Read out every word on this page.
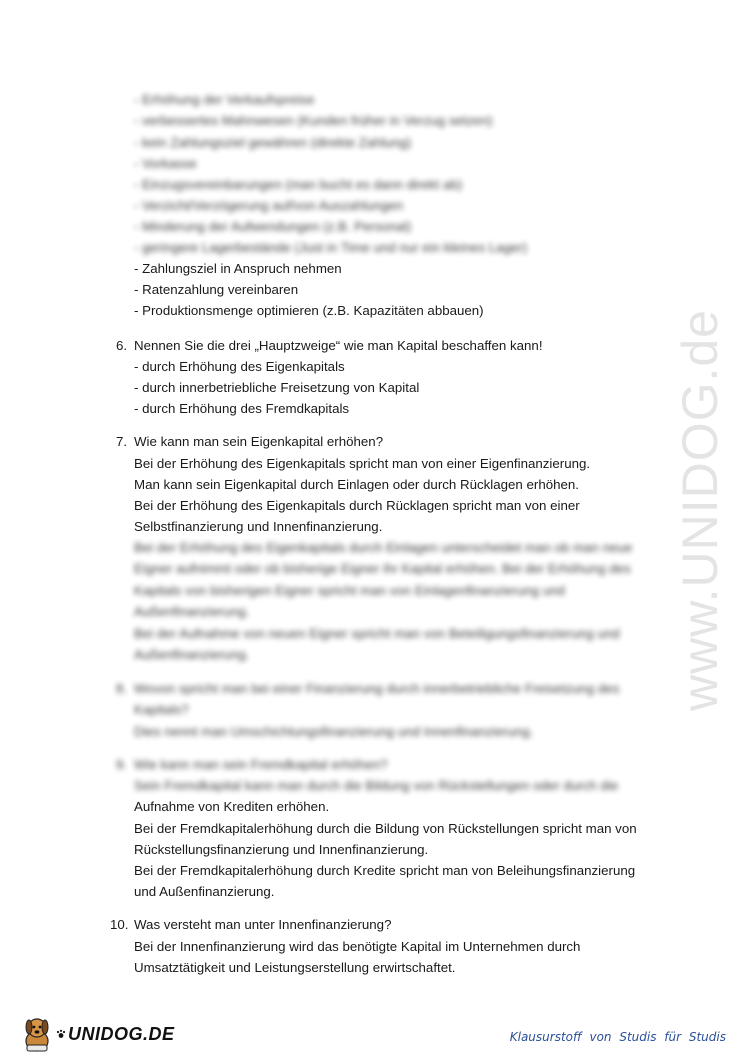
www.UNIDOG.de
- Erhöhung der Verkaufspreise
- verbessertes Mahnwesen (Kunden früher in Verzug setzen)
- kein Zahlungsziel gewähren (direkte Zahlung)
- Vorkasse
- Einzugsvereinbarungen (man bucht es dann direkt ab)
- Verzicht/Verzögerung auf/von Auszahlungen
- Minderung der Aufwendungen (z.B. Personal)
- geringere Lagerbestände (Just in Time und nur ein kleines Lager)
- Zahlungsziel in Anspruch nehmen
- Ratenzahlung vereinbaren
- Produktionsmenge optimieren (z.B. Kapazitäten abbauen)
6. Nennen Sie die drei „Hauptzweige“ wie man Kapital beschaffen kann!
- durch Erhöhung des Eigenkapitals
- durch innerbetriebliche Freisetzung von Kapital
- durch Erhöhung des Fremdkapitals
7. Wie kann man sein Eigenkapital erhöhen?
Bei der Erhöhung des Eigenkapitals spricht man von einer Eigenfinanzierung.
Man kann sein Eigenkapital durch Einlagen oder durch Rücklagen erhöhen.
Bei der Erhöhung des Eigenkapitals durch Rücklagen spricht man von einer
Selbstfinanzierung und Innenfinanzierung.
Bei der Erhöhung des Eigenkapitals durch Einlagen unterscheidet man ob man neue
Eigner aufnimmt oder ob bisherige Eigner ihr Kapital erhöhen. Bei der Erhöhung des
Kapitals von bisherigen Eigner spricht man von Einlagenfinanzierung und
Außenfinanzierung.
Bei der Aufnahme von neuen Eigner spricht man von Beteiligungsfinanzierung und
Außenfinanzierung.
8. Wovon spricht man bei einer Finanzierung durch innerbetriebliche Freisetzung des
Kapitals?
Dies nennt man Umschichtungsfinanzierung und Innenfinanzierung.
9. Wie kann man sein Fremdkapital erhöhen?
Sein Fremdkapital kann man durch die Bildung von Rückstellungen oder durch die
Aufnahme von Krediten erhöhen.
Bei der Fremdkapitalerhöhung durch die Bildung von Rückstellungen spricht man von
Rückstellungsfinanzierung und Innenfinanzierung.
Bei der Fremdkapitalerhöhung durch Kredite spricht man von Beleihungsfinanzierung
und Außenfinanzierung.
10. Was versteht man unter Innenfinanzierung?
Bei der Innenfinanzierung wird das benötigte Kapital im Unternehmen durch
Umsatztätigkeit und Leistungserstellung erwirtschaftet.
UNIDOG.DE	Klausurstoff von Studis für Studis
